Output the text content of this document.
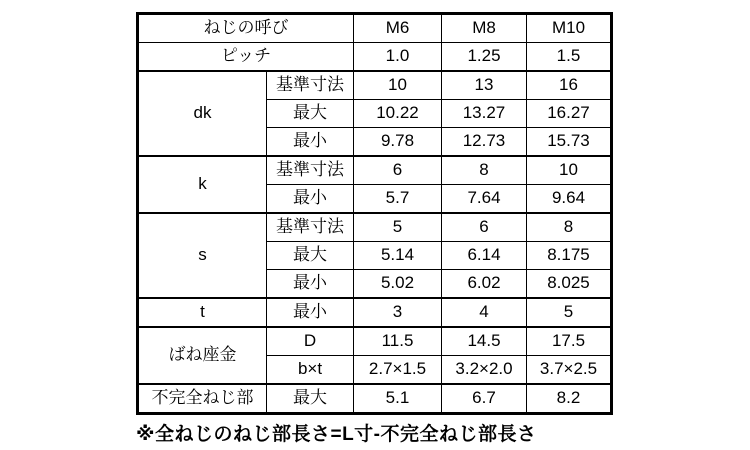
ねじの呼び		M6	M8	M10
ピッチ		1.0	1.25	1.5
dk	基準寸法	10	13	16
	最大	10.22	13.27	16.27
	最小	9.78	12.73	15.73
k	基準寸法	6	8	10
	最小	5.7	7.64	9.64
s	基準寸法	5	6	8
	最大	5.14	6.14	8.175
	最小	5.02	6.02	8.025
t	最小	3	4	5
ばね座金	D	11.5	14.5	17.5
	b×t	2.7×1.5	3.2×2.0	3.7×2.5
不完全ねじ部	最大	5.1	6.7	8.2
※全ねじのねじ部長さ=L寸-不完全ねじ部長さ
